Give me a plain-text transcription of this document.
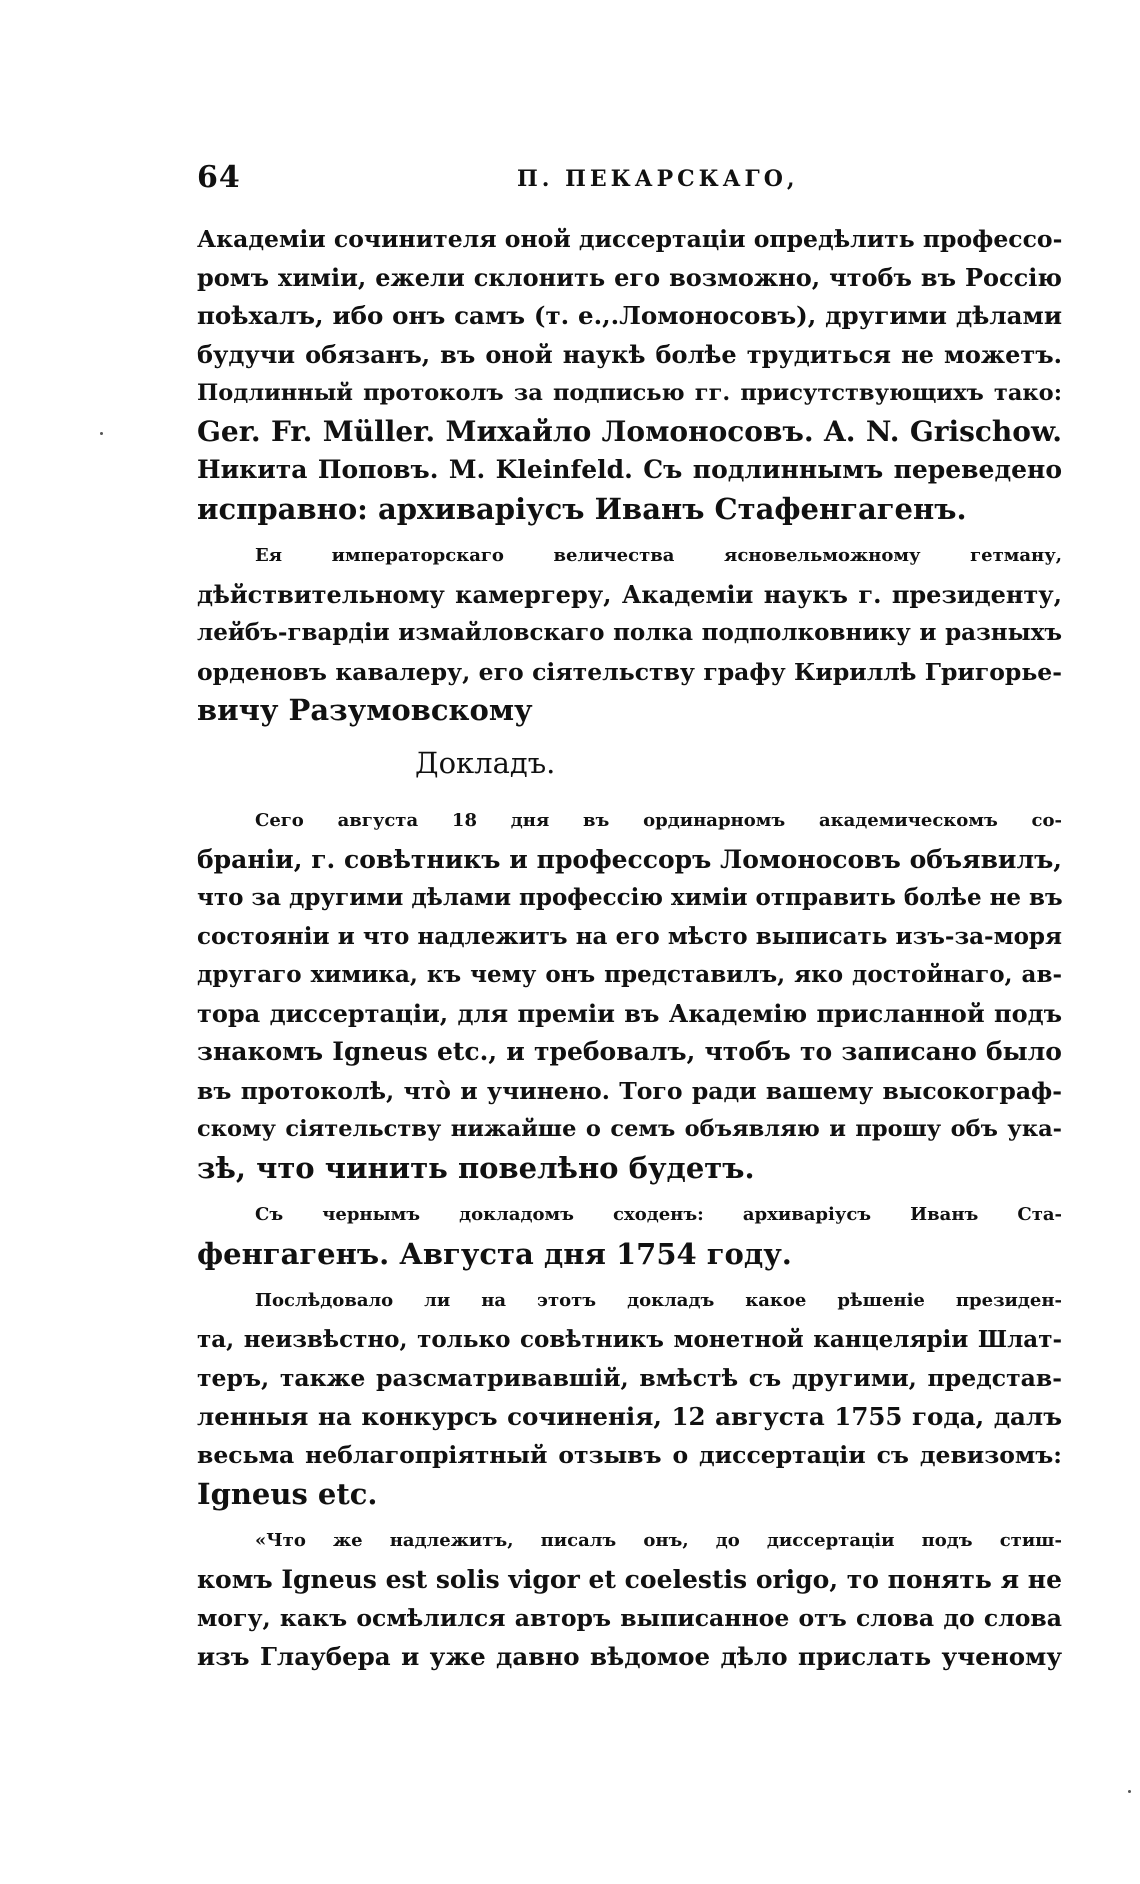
64	П. ПЕКАРСКАГО,

Академіи сочинителя оной диссертаціи опредѣлить профессо-
ромъ химіи, ежели склонить его возможно, чтобъ въ Россію
поѣхалъ, ибо онъ самъ (т. е.,.Ломоносовъ), другими дѣлами
будучи обязанъ, въ оной наукѣ болѣе трудиться не можетъ.
Подлинный протоколъ за подписью гг. присутствующихъ тако:
Ger. Fr. Müller. Михайло Ломоносовъ. A. N. Grischow.
Никита Поповъ. M. Kleinfeld. Съ подлиннымъ переведено
исправно: архиваріусъ Иванъ Стафенгагенъ.

Ея императорскаго величества ясновельможному гетману,
дѣйствительному камергеру, Академіи наукъ г. президенту,
лейбъ-гвардіи измайловскаго полка подполковнику и разныхъ
орденовъ кавалеру, его сіятельству графу Кириллѣ Григорье-
вичу Разумовскому

Докладъ.

Сего августа 18 дня въ ординарномъ академическомъ со-
браніи, г. совѣтникъ и профессоръ Ломоносовъ объявилъ,
что за другими дѣлами профессію химіи отправить болѣе не въ
состояніи и что надлежитъ на его мѣсто выписать изъ-за-моря
другаго химика, къ чему онъ представилъ, яко достойнаго, ав-
тора диссертаціи, для преміи въ Академію присланной подъ
знакомъ Igneus etc., и требовалъ, чтобъ то записано было
въ протоколѣ, чтò и учинено. Того ради вашему высокограф-
скому сіятельству нижайше о семъ объявляю и прошу объ ука-
зѣ, что чинить повелѣно будетъ.

Съ чернымъ докладомъ сходенъ: архиваріусъ Иванъ Ста-
фенгагенъ. Августа дня 1754 году.

Послѣдовало ли на этотъ докладъ какое рѣшеніе президен-
та, неизвѣстно, только совѣтникъ монетной канцеляріи Шлат-
теръ, также разсматривавшій, вмѣстѣ съ другими, представ-
ленныя на конкурсъ сочиненія, 12 августа 1755 года, далъ
весьма неблагопріятный отзывъ о диссертаціи съ девизомъ:
Igneus etc.

«Что же надлежитъ, писалъ онъ, до диссертаціи подъ стиш-
комъ Igneus est solis vigor et coelestis origo, то понять я не
могу, какъ осмѣлился авторъ выписанное отъ слова до слова
изъ Глаубера и уже давно вѣдомое дѣло прислать ученому
